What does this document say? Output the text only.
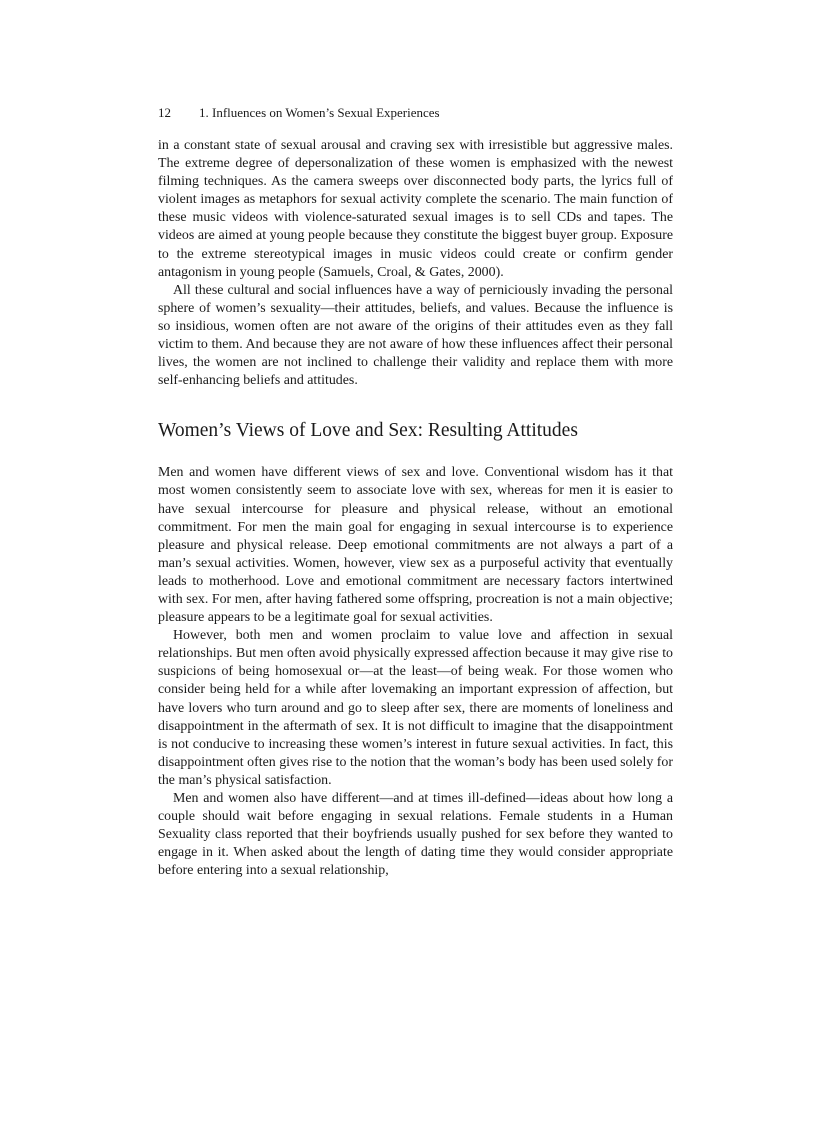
12 1. Influences on Women’s Sexual Experiences

in a constant state of sexual arousal and craving sex with irresistible but aggressive males. The extreme degree of depersonalization of these women is emphasized with the newest filming techniques. As the camera sweeps over disconnected body parts, the lyrics full of violent images as metaphors for sexual activity complete the scenario. The main function of these music videos with violence-saturated sexual images is to sell CDs and tapes. The videos are aimed at young people because they constitute the biggest buyer group. Exposure to the extreme stereotypical images in music videos could create or confirm gender antagonism in young people (Samuels, Croal, & Gates, 2000).

All these cultural and social influences have a way of perniciously invading the personal sphere of women’s sexuality—their attitudes, beliefs, and values. Because the influence is so insidious, women often are not aware of the origins of their attitudes even as they fall victim to them. And because they are not aware of how these influences affect their personal lives, the women are not inclined to challenge their validity and replace them with more self-enhancing beliefs and attitudes.

Women’s Views of Love and Sex: Resulting Attitudes

Men and women have different views of sex and love. Conventional wisdom has it that most women consistently seem to associate love with sex, whereas for men it is easier to have sexual intercourse for pleasure and physical release, without an emotional commitment. For men the main goal for engaging in sexual intercourse is to experience pleasure and physical release. Deep emotional commitments are not always a part of a man’s sexual activities. Women, however, view sex as a purposeful activity that eventually leads to motherhood. Love and emotional commitment are necessary factors intertwined with sex. For men, after having fathered some offspring, procreation is not a main objective; pleasure appears to be a legitimate goal for sexual activities.

However, both men and women proclaim to value love and affection in sexual relationships. But men often avoid physically expressed affection because it may give rise to suspicions of being homosexual or—at the least—of being weak. For those women who consider being held for a while after lovemaking an important expression of affection, but have lovers who turn around and go to sleep after sex, there are moments of loneliness and disappointment in the aftermath of sex. It is not difficult to imagine that the disappointment is not conducive to increasing these women’s interest in future sexual activities. In fact, this disappointment often gives rise to the notion that the woman’s body has been used solely for the man’s physical satisfaction.

Men and women also have different—and at times ill-defined—ideas about how long a couple should wait before engaging in sexual relations. Female students in a Human Sexuality class reported that their boyfriends usually pushed for sex before they wanted to engage in it. When asked about the length of dating time they would consider appropriate before entering into a sexual relationship,
